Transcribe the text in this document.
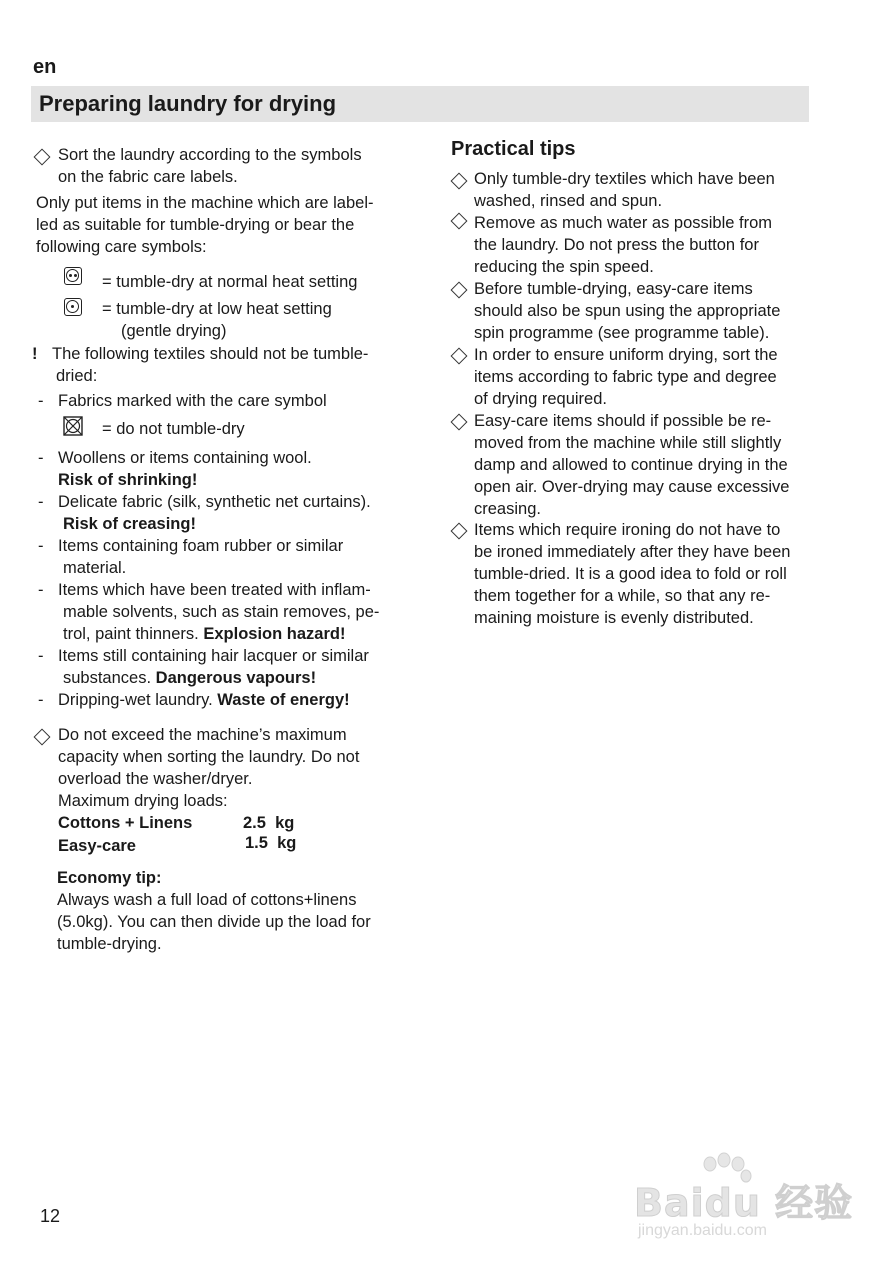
en
Preparing laundry for drying
Sort the laundry according to the symbols
on the fabric care labels.
Only put items in the machine which are label-
led as suitable for tumble-drying or bear the
following care symbols:
= tumble-dry at normal heat setting
= tumble-dry at low heat setting
(gentle drying)
! The following textiles should not be tumble-
dried:
- Fabrics marked with the care symbol
= do not tumble-dry
- Woollens or items containing wool.
Risk of shrinking!
- Delicate fabric (silk, synthetic net curtains).
Risk of creasing!
- Items containing foam rubber or similar
material.
- Items which have been treated with inflam-
mable solvents, such as stain removes, pe-
trol, paint thinners. Explosion hazard!
- Items still containing hair lacquer or similar
substances. Dangerous vapours!
- Dripping-wet laundry. Waste of energy!
Do not exceed the machine’s maximum
capacity when sorting the laundry. Do not
overload the washer/dryer.
Maximum drying loads:
Cottons + Linens	2.5  kg
Easy-care	1.5  kg
Economy tip:
Always wash a full load of cottons+linens
(5.0kg). You can then divide up the load for
tumble-drying.
Practical tips
Only tumble-dry textiles which have been
washed, rinsed and spun.
Remove as much water as possible from
the laundry. Do not press the button for
reducing the spin speed.
Before tumble-drying, easy-care items
should also be spun using the appropriate
spin programme (see programme table).
In order to ensure uniform drying, sort the
items according to fabric type and degree
of drying required.
Easy-care items should if possible be re-
moved from the machine while still slightly
damp and allowed to continue drying in the
open air. Over-drying may cause excessive
creasing.
Items which require ironing do not have to
be ironed immediately after they have been
tumble-dried. It is a good idea to fold or roll
them together for a while, so that any re-
maining moisture is evenly distributed.
12	Baidu 经验
jingyan.baidu.com
